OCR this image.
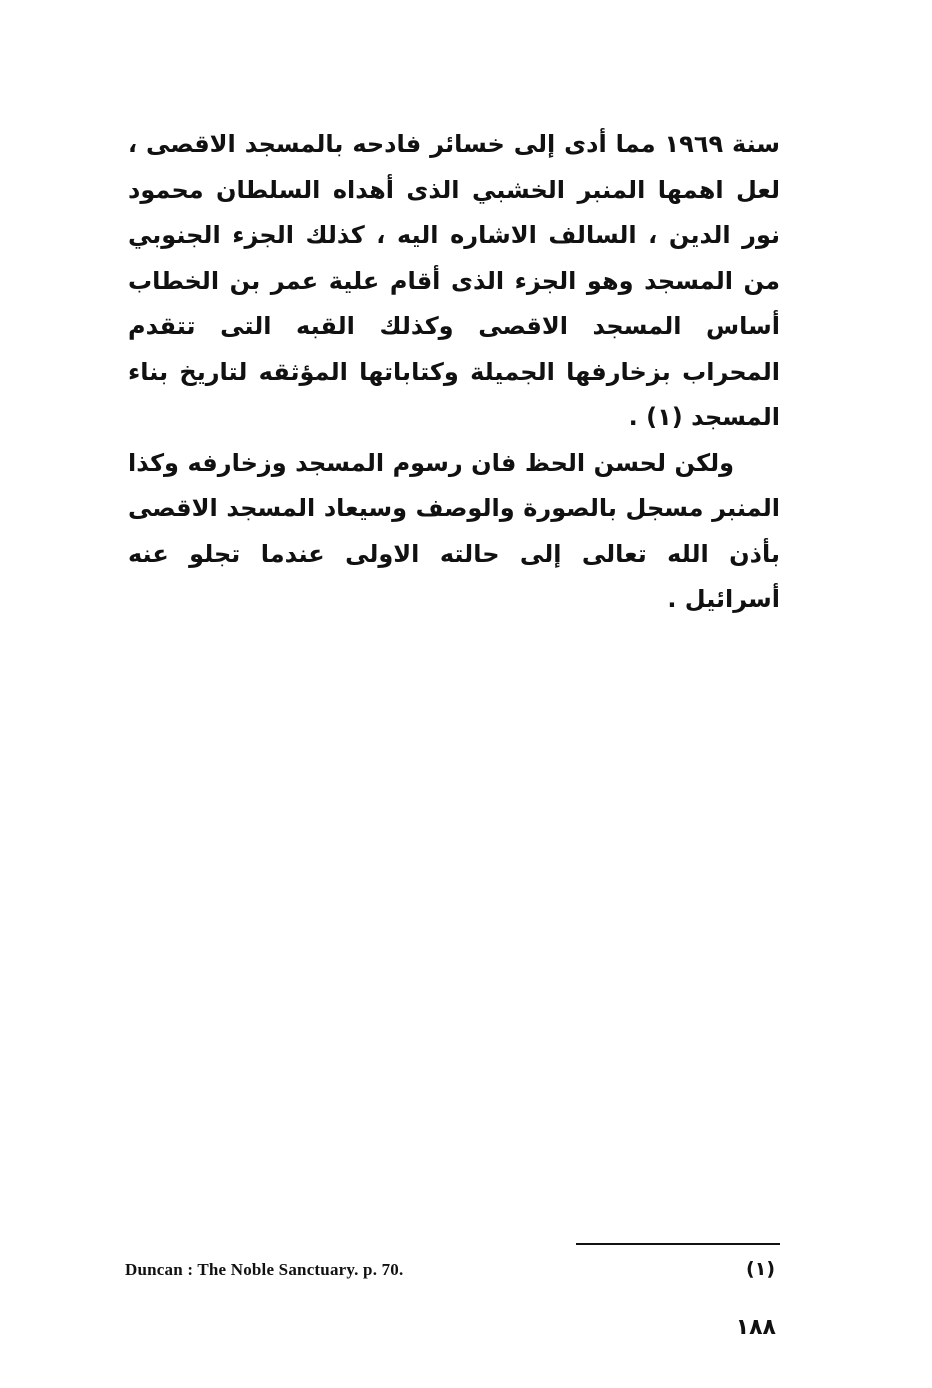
سنة ١٩٦٩ مما أدى إلى خسائر فادحه بالمسجد الاقصى ، لعل اهمها المنبر الخشبي الذى أهداه السلطان محمود نور الدين ، السالف الاشاره اليه ، كذلك الجزء الجنوبي من المسجد وهو الجزء الذى أقام علية عمر بن الخطاب أساس المسجد الاقصى وكذلك القبه التى تتقدم المحراب بزخارفها الجميلة وكتاباتها المؤثقه لتاريخ بناء المسجد (١) .

ولكن لحسن الحظ فان رسوم المسجد وزخارفه وكذا المنبر مسجل بالصورة والوصف وسيعاد المسجد الاقصى بأذن الله تعالى إلى حالته الاولى عندما تجلو عنه أسرائيل .

Duncan : The Noble Sanctuary. p. 70.	(١)
١٨٨
